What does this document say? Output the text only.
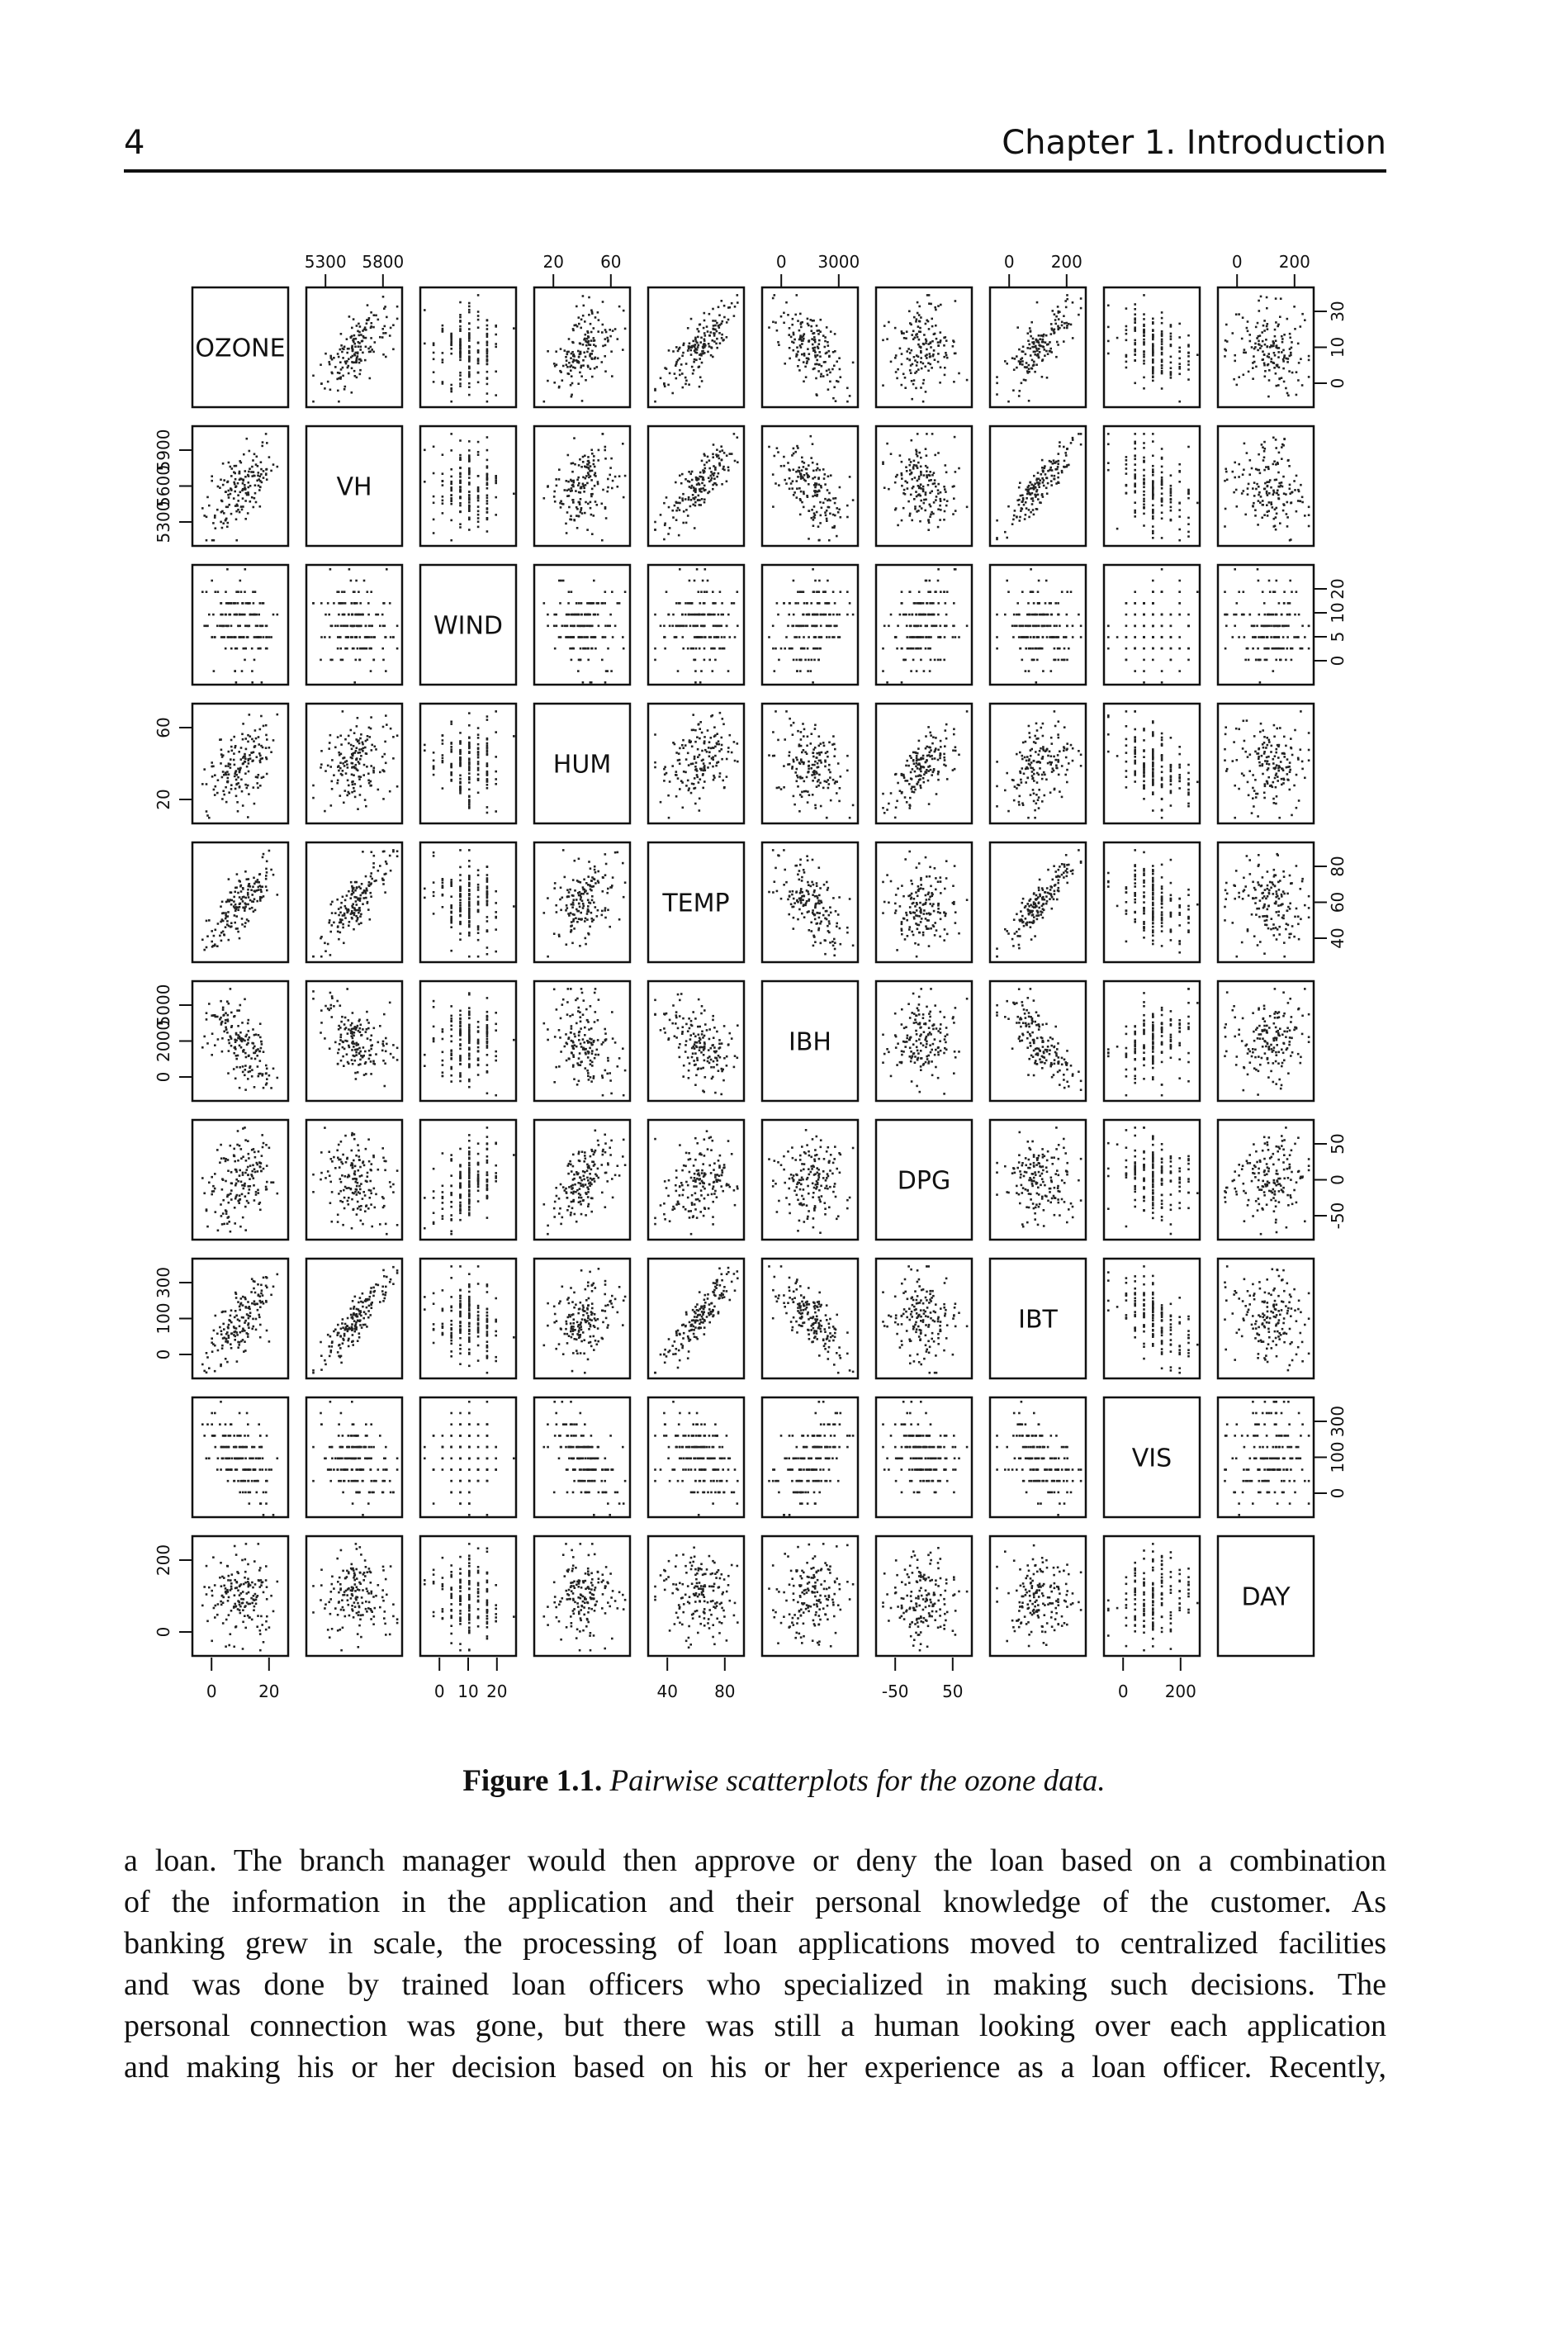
4	Chapter 1. Introduction
OZONE
VH
WIND
HUM
TEMP
IBH
DPG
IBT
VIS
DAY
5300 5800	20 60	0 3000	0 200	0 200
0	20	0 10 20	40 80	-50 50	0 200
5300
5600
5900
20
60
0
2000
5000
0
100
300
0
200
0
10
30
0
5
10
20
40
60
80
-50
0
50
0
100
300
Figure 1.1. Pairwise scatterplots for the ozone data.
a loan. The branch manager would then approve or deny the loan based on a combination
of the information in the application and their personal knowledge of the customer. As
banking grew in scale, the processing of loan applications moved to centralized facilities
and was done by trained loan officers who specialized in making such decisions. The
personal connection was gone, but there was still a human looking over each application
and making his or her decision based on his or her experience as a loan officer. Recently,
